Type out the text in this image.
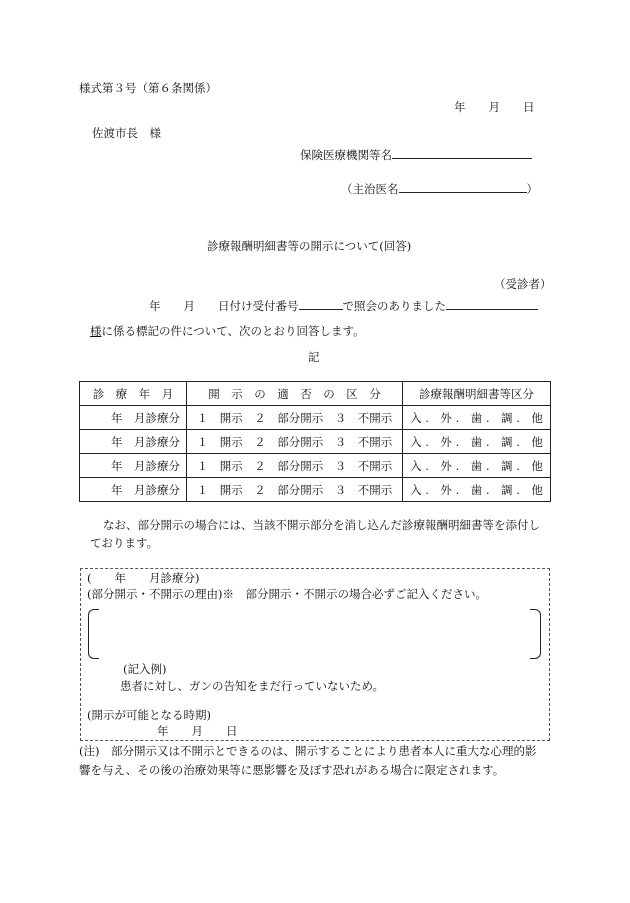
様式第３号（第６条関係）
年　　月　　日
佐渡市長　様
保険医療機関等名
（主治医名	）
診療報酬明細書等の開示について(回答)
（受診者）
年　　月　　日付け受付番号	で照会のありました
様に係る標記の件について、次のとおり回答します。
記
診　療　年　月	開　示　の　適　否　の　区　分	診療報酬明細書等区分
年　月診療分	１　開示　２　部分開示　３　不開示	入 .　外 .　歯 .　調 .　他
年　月診療分	１　開示　２　部分開示　３　不開示	入 .　外 .　歯 .　調 .　他
年　月診療分	１　開示　２　部分開示　３　不開示	入 .　外 .　歯 .　調 .　他
年　月診療分	１　開示　２　部分開示　３　不開示	入 .　外 .　歯 .　調 .　他
なお、部分開示の場合には、当該不開示部分を消し込んだ診療報酬明細書等を添付し
ております。
(　　年　　月診療分)
(部分開示・不開示の理由)※　部分開示・不開示の場合必ずご記入ください。
(記入例)
患者に対し、ガンの告知をまだ行っていないため。
(開示が可能となる時期)
年　　月　　日
(注)　部分開示又は不開示とできるのは、開示することにより患者本人に重大な心理的影
響を与え、その後の治療効果等に悪影響を及ぼす恐れがある場合に限定されます。
